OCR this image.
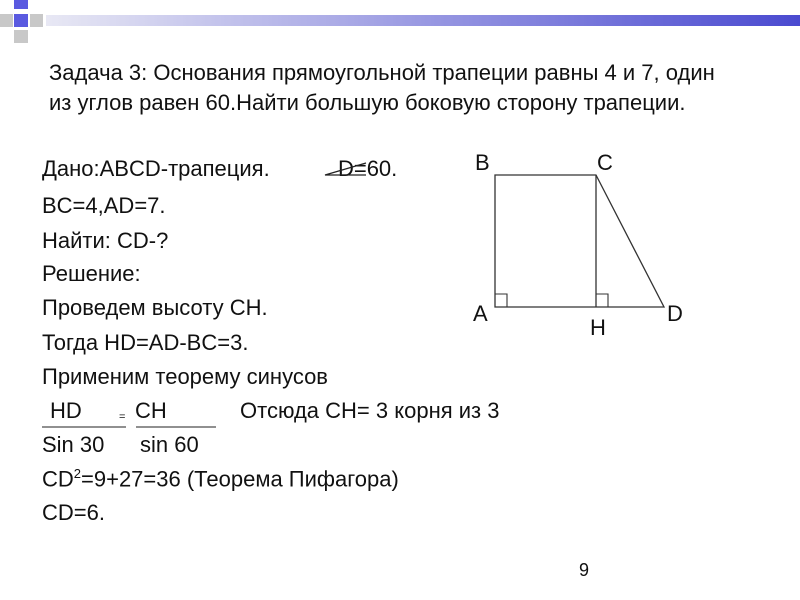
Задача 3: Основания прямоугольной трапеции равны 4 и 7, один из углов равен 60.Найти большую боковую сторону трапеции.

Дано:ABCD-трапеция.	D=60.
BC=4,AD=7.
Найти: CD-?
Решение:
Проведем высоту CH.
Тогда HD=AD-BC=3.
Применим теорему синусов
HD	= CH	Отсюда CH= 3 корня из 3
Sin 30 sin 60
$CD^2=9+27=36$ (Теорема Пифагора)
CD=6.
B	C
A	D
H
9
